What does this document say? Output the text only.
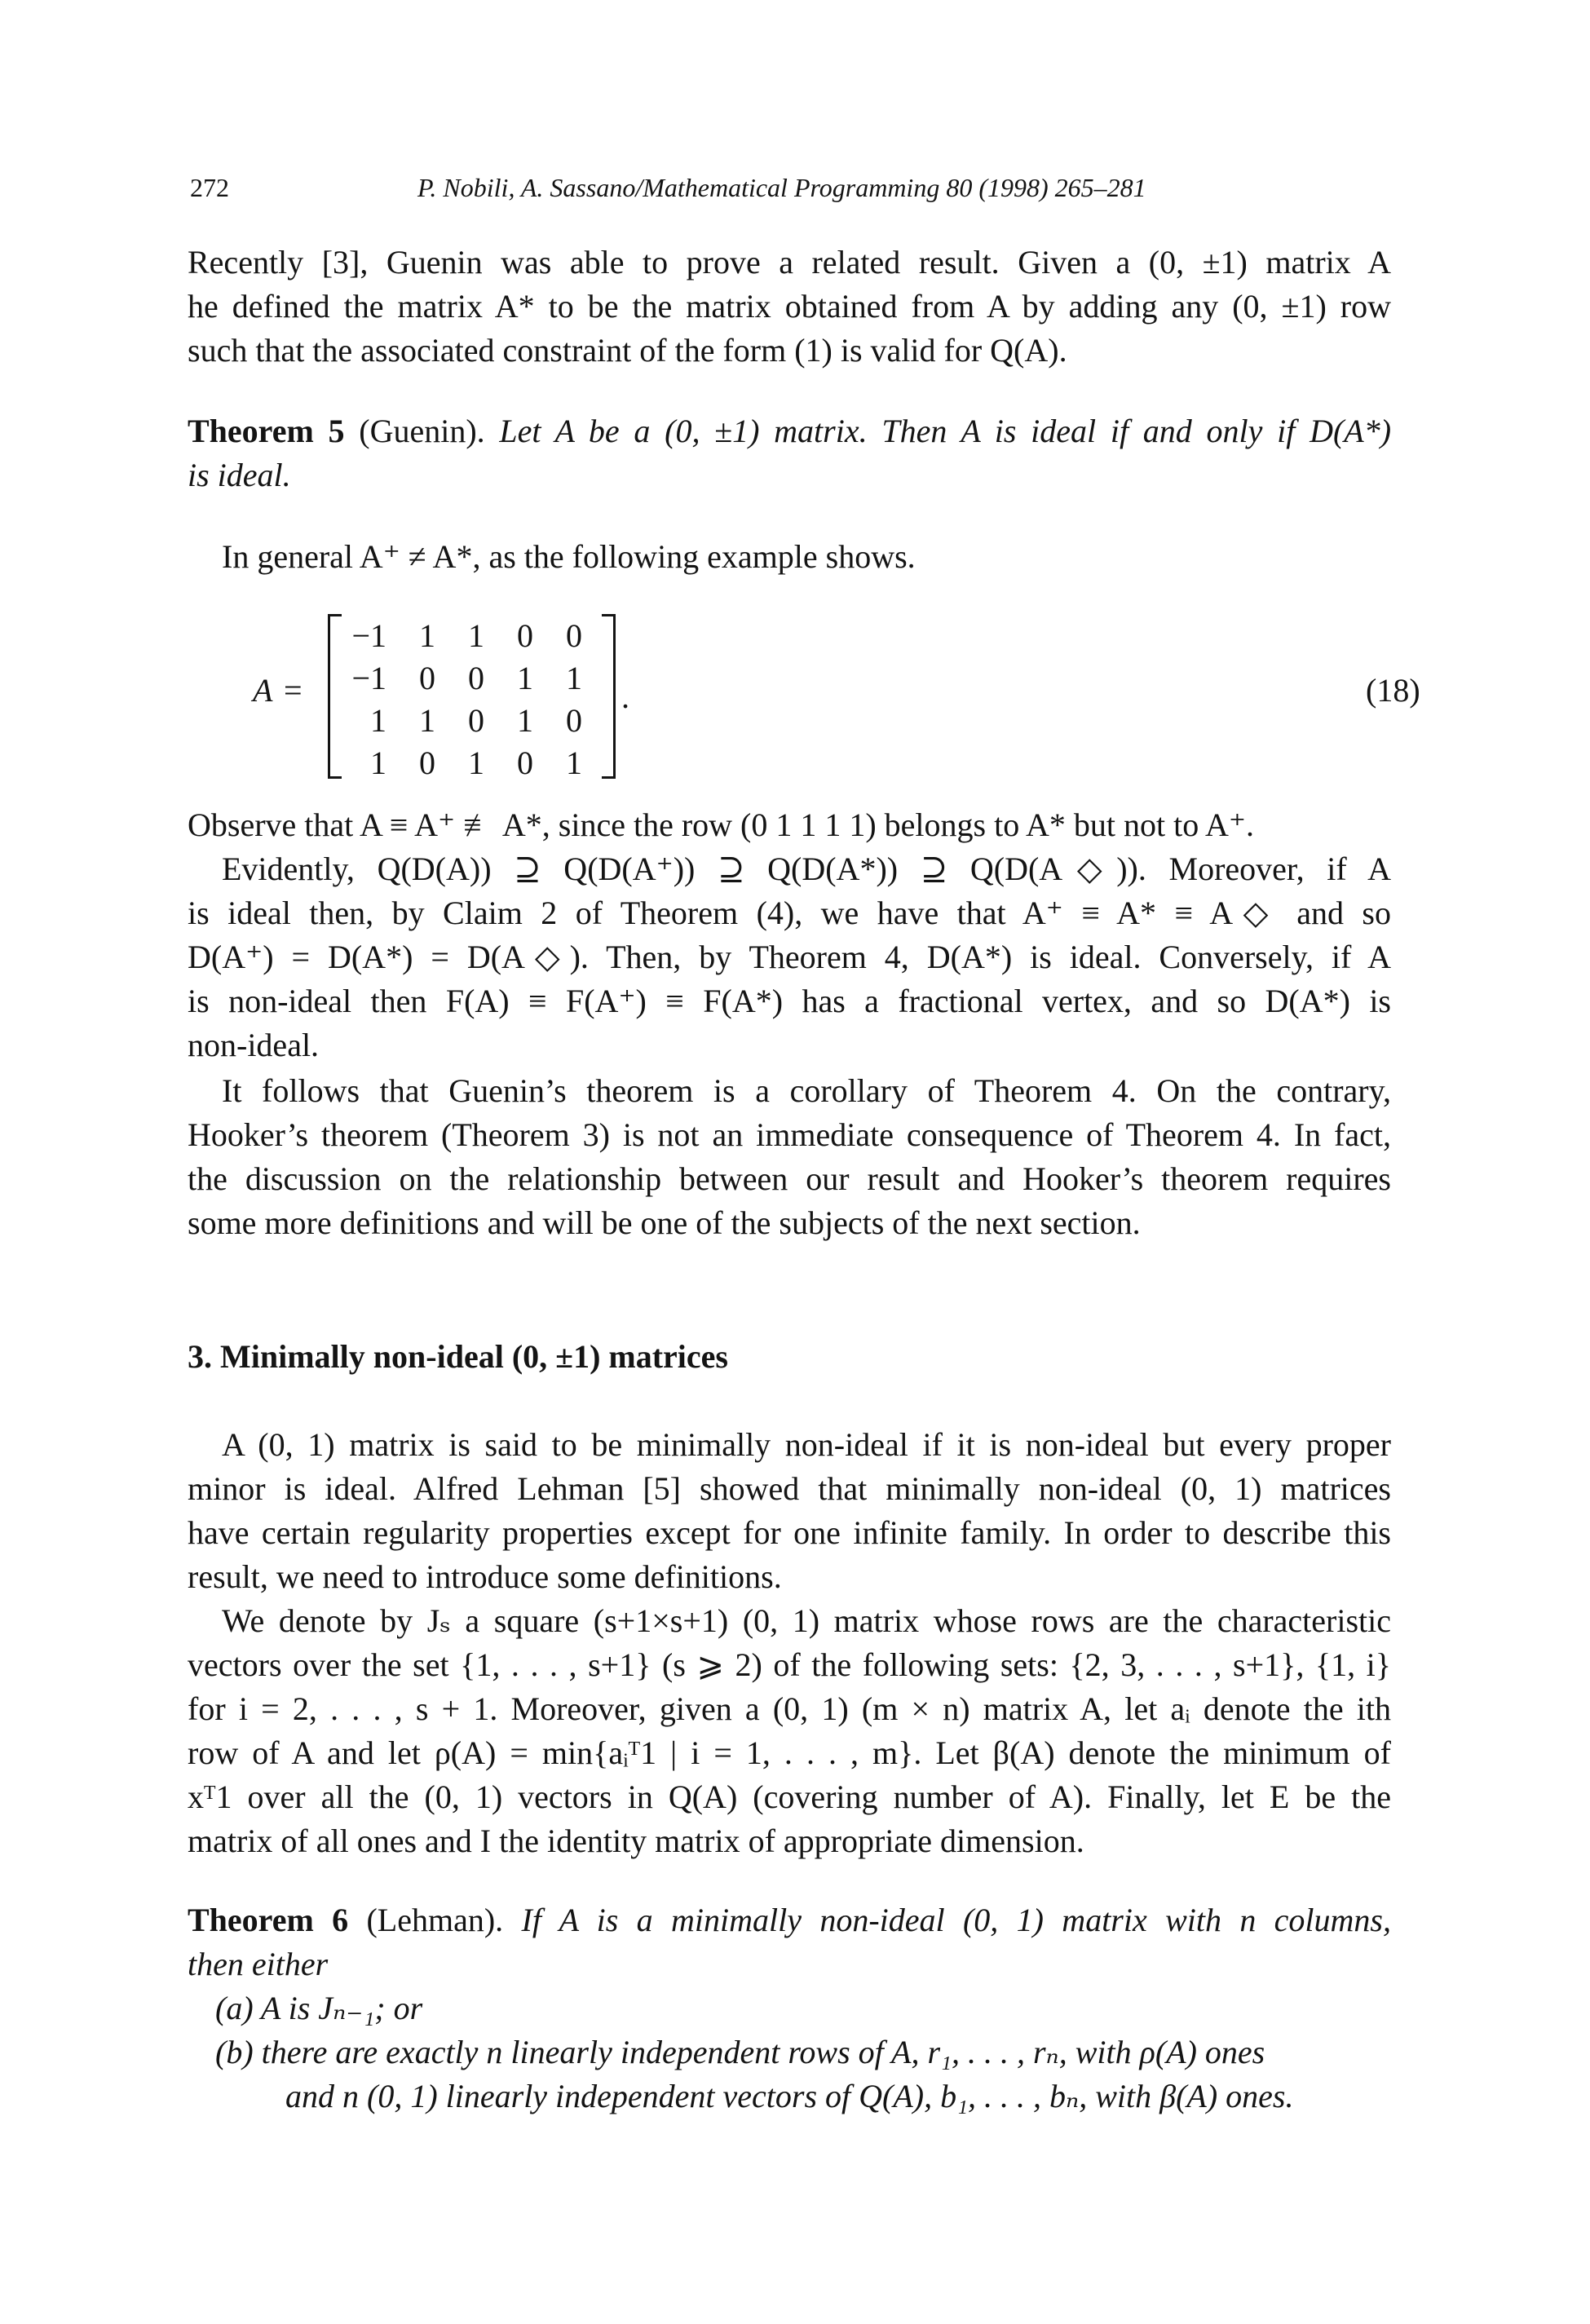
272	P. Nobili, A. Sassano/Mathematical Programming 80 (1998) 265–281
Recently [3], Guenin was able to prove a related result. Given a (0, ±1) matrix A
he defined the matrix A* to be the matrix obtained from A by adding any (0, ±1) row
such that the associated constraint of the form (1) is valid for Q(A).
Theorem 5 (Guenin). Let A be a (0, ±1) matrix. Then A is ideal if and only if D(A*)
is ideal.
In general A⁺ ≠ A*, as the following example shows.
A =
−1	1	1	0	0
−1	0	0	1	1
1	1	0	1	0
1	0	1	0	1
.	(18)
Observe that A ≡ A⁺ ≢ A*, since the row (0 1 1 1 1) belongs to A* but not to A⁺.
Evidently, Q(D(A)) ⊇ Q(D(A⁺)) ⊇ Q(D(A*)) ⊇ Q(D(A◇)). Moreover, if A
is ideal then, by Claim 2 of Theorem (4), we have that A⁺ ≡ A* ≡ A◇ and so
D(A⁺) = D(A*) = D(A◇). Then, by Theorem 4, D(A*) is ideal. Conversely, if A
is non-ideal then F(A) ≡ F(A⁺) ≡ F(A*) has a fractional vertex, and so D(A*) is
non-ideal.
It follows that Guenin’s theorem is a corollary of Theorem 4. On the contrary,
Hooker’s theorem (Theorem 3) is not an immediate consequence of Theorem 4. In fact,
the discussion on the relationship between our result and Hooker’s theorem requires
some more definitions and will be one of the subjects of the next section.
3. Minimally non-ideal (0, ±1) matrices
A (0, 1) matrix is said to be minimally non-ideal if it is non-ideal but every proper
minor is ideal. Alfred Lehman [5] showed that minimally non-ideal (0, 1) matrices
have certain regularity properties except for one infinite family. In order to describe this
result, we need to introduce some definitions.
We denote by Jₛ a square (s+1×s+1) (0, 1) matrix whose rows are the characteristic
vectors over the set {1, . . . , s+1} (s ⩾ 2) of the following sets: {2, 3, . . . , s+1}, {1, i}
for i = 2, . . . , s + 1. Moreover, given a (0, 1) (m × n) matrix A, let aᵢ denote the ith
row of A and let ρ(A) = min{aᵢᵀ1 | i = 1, . . . , m}. Let β(A) denote the minimum of
xᵀ1 over all the (0, 1) vectors in Q(A) (covering number of A). Finally, let E be the
matrix of all ones and I the identity matrix of appropriate dimension.
Theorem 6 (Lehman). If A is a minimally non-ideal (0, 1) matrix with n columns,
then either
(a) A is Jₙ₋₁; or
(b) there are exactly n linearly independent rows of A, r₁, . . . , rₙ, with ρ(A) ones
and n (0, 1) linearly independent vectors of Q(A), b₁, . . . , bₙ, with β(A) ones.
